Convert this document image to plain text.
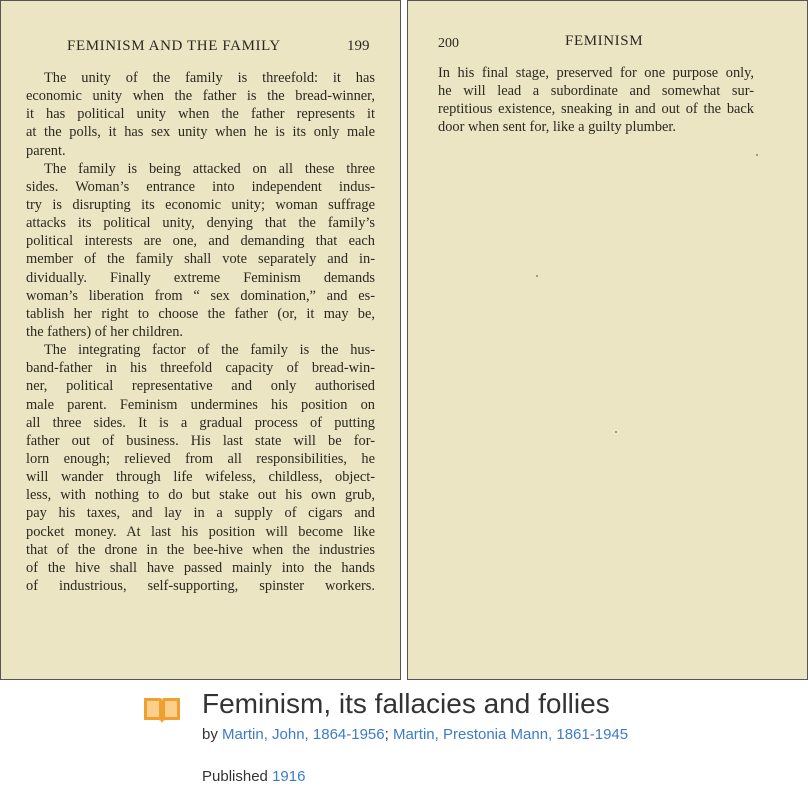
FEMINISM AND THE FAMILY	199
The unity of the family is threefold: it has
economic unity when the father is the bread-winner,
it has political unity when the father represents it
at the polls, it has sex unity when he is its only male
parent.
The family is being attacked on all these three
sides. Woman’s entrance into independent indus-
try is disrupting its economic unity; woman suffrage
attacks its political unity, denying that the family’s
political interests are one, and demanding that each
member of the family shall vote separately and in-
dividually. Finally extreme Feminism demands
woman’s liberation from “ sex domination,” and es-
tablish her right to choose the father (or, it may be,
the fathers) of her children.
The integrating factor of the family is the hus-
band-father in his threefold capacity of bread-win-
ner, political representative and only authorised
male parent. Feminism undermines his position on
all three sides. It is a gradual process of putting
father out of business. His last state will be for-
lorn enough; relieved from all responsibilities, he
will wander through life wifeless, childless, object-
less, with nothing to do but stake out his own grub,
pay his taxes, and lay in a supply of cigars and
pocket money. At last his position will become like
that of the drone in the bee-hive when the industries
of the hive shall have passed mainly into the hands
of industrious, self-supporting, spinster workers.
200	FEMINISM
In his final stage, preserved for one purpose only,
he will lead a subordinate and somewhat sur-
reptitious existence, sneaking in and out of the back
door when sent for, like a guilty plumber.
Feminism, its fallacies and follies
by Martin, John, 1864-1956; Martin, Prestonia Mann, 1861-1945
Published 1916
